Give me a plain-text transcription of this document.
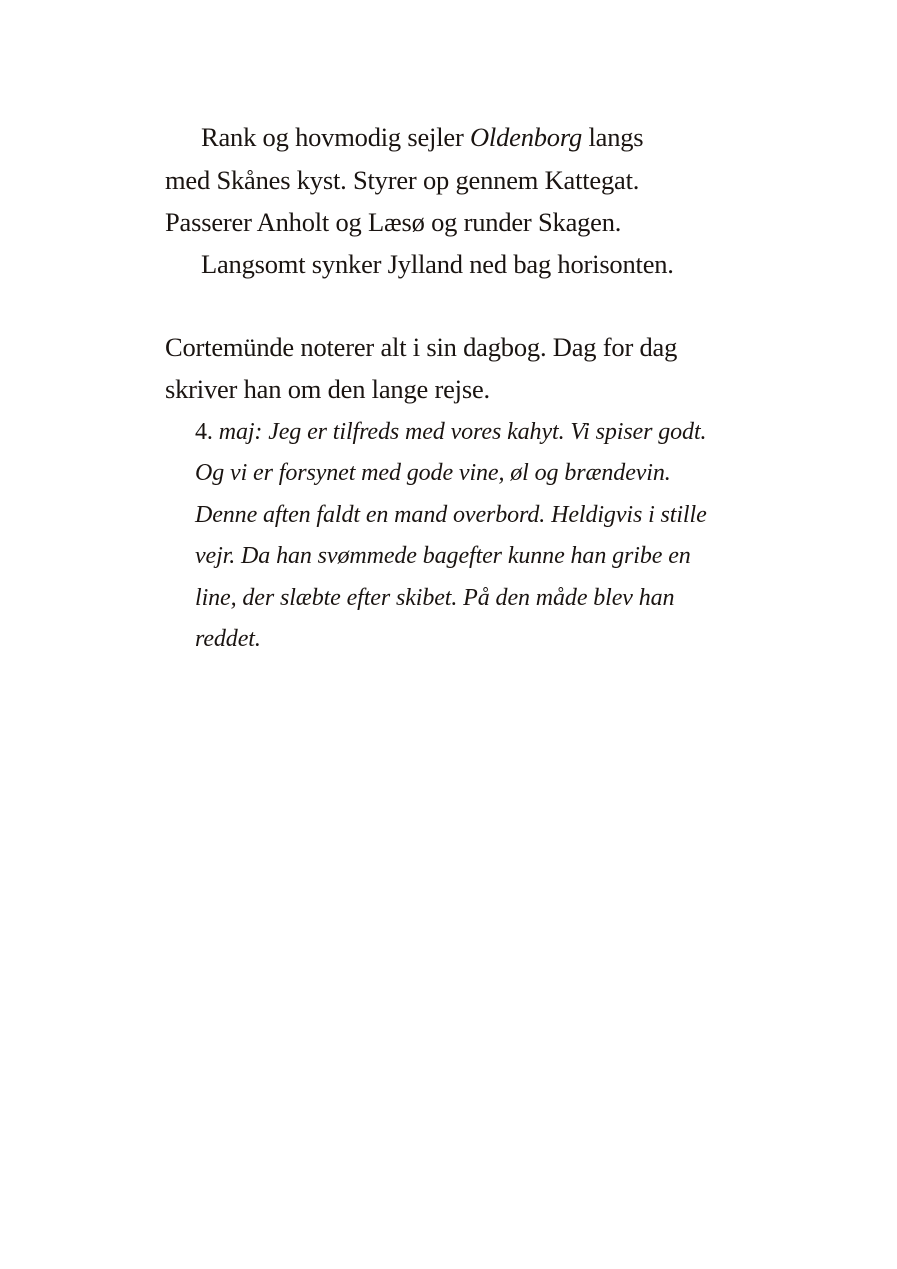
Rank og hovmodig sejler Oldenborg langs
med Skånes kyst. Styrer op gennem Kattegat.
Passerer Anholt og Læsø og runder Skagen.
Langsomt synker Jylland ned bag horisonten.
Cortemünde noterer alt i sin dagbog. Dag for dag
skriver han om den lange rejse.
4. maj: Jeg er tilfreds med vores kahyt. Vi spiser godt.
Og vi er forsynet med gode vine, øl og brændevin.
Denne aften faldt en mand overbord. Heldigvis i stille
vejr. Da han svømmede bagefter kunne han gribe en
line, der slæbte efter skibet. På den måde blev han
reddet.
